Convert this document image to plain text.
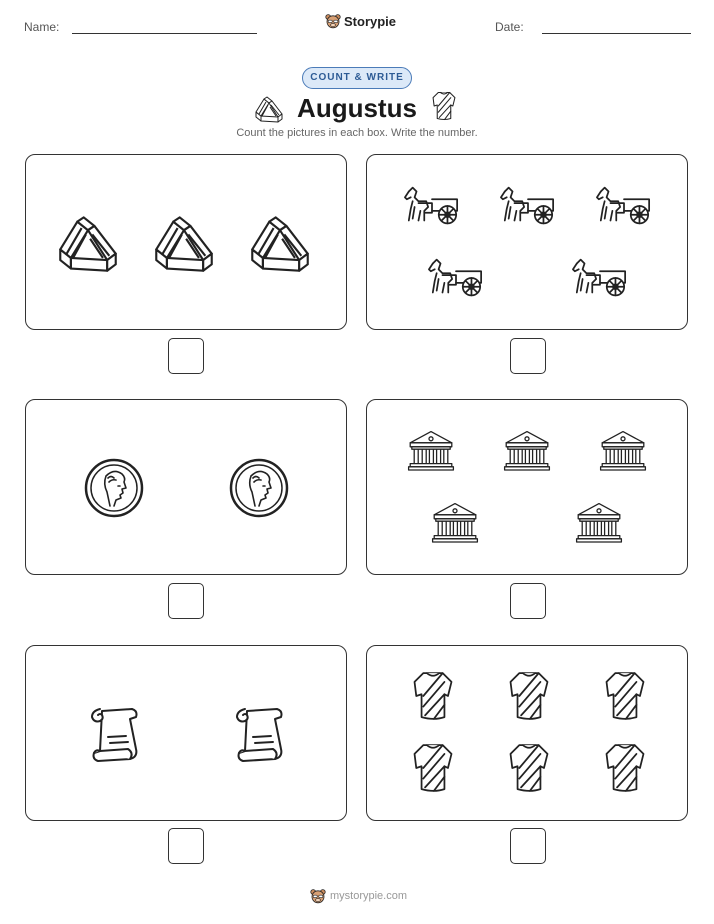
Name:	Storypie	Date:
COUNT & WRITE
Augustus
Count the pictures in each box. Write the number.
mystorypie.com
